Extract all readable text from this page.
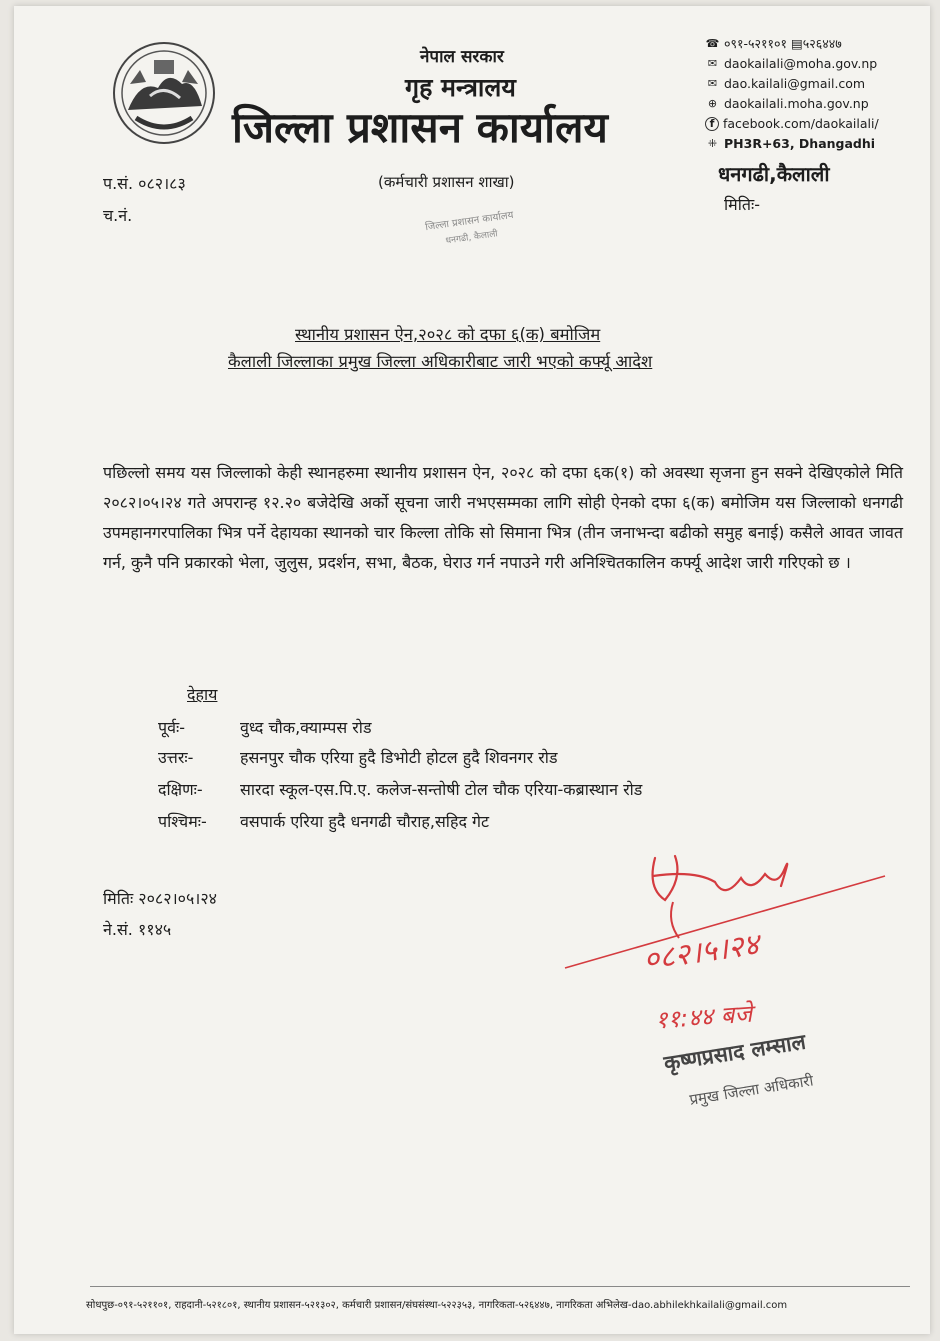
नेपाल सरकार
गृह मन्त्रालय
जिल्ला प्रशासन कार्यालय
☎ ०९१-५२११०१ ▤५२६४४७
✉ daokailali@moha.gov.np
✉ dao.kailali@gmail.com
⊕ daokailali.moha.gov.np
f facebook.com/daokailali/
⁜ PH3R+63, Dhangadhi
धनगढी,कैलाली
मितिः-
प.सं. ०८२।८३
च.नं.
(कर्मचारी प्रशासन शाखा)
जिल्ला प्रशासन कार्यालय
धनगढी, कैलाली
स्थानीय प्रशासन ऐन,२०२८ को दफा ६(क) बमोजिम
कैलाली जिल्लाका प्रमुख जिल्ला अधिकारीबाट जारी भएको कर्फ्यू आदेश
पछिल्लो समय यस जिल्लाको केही स्थानहरुमा स्थानीय प्रशासन ऐन, २०२८ को दफा ६क(१) को अवस्था सृजना हुन सक्ने देखिएकोले मिति २०८२।०५।२४ गते अपरान्ह १२.२० बजेदेखि अर्को सूचना जारी नभएसम्मका लागि सोही ऐनको दफा ६(क) बमोजिम यस जिल्लाको धनगढी उपमहानगरपालिका भित्र पर्ने देहायका स्थानको चार किल्ला तोकि सो सिमाना भित्र (तीन जनाभन्दा बढीको समुह बनाई) कसैले आवत जावत गर्न, कुनै पनि प्रकारको भेला, जुलुस, प्रदर्शन, सभा, बैठक, घेराउ गर्न नपाउने गरी अनिश्चितकालिन कर्फ्यू आदेश जारी गरिएको छ ।
देहाय
पूर्वः-	वुध्द चौक,क्याम्पस रोड
उत्तरः-	हसनपुर चौक एरिया हुदै डिभोटी होटल हुदै शिवनगर रोड
दक्षिणः- सारदा स्कूल-एस.पि.ए. कलेज-सन्तोषी टोल चौक एरिया-कब्रास्थान रोड
पश्चिमः- वसपार्क एरिया हुदै धनगढी चौराह,सहिद गेट
मितिः २०८२।०५।२४
ने.सं. ११४५	०८२।५।२४
११:४४ बजे
कृष्णप्रसाद लम्साल
प्रमुख जिल्ला अधिकारी
सोधपुछ-०९१-५२११०१, राहदानी-५२१८०१, स्थानीय प्रशासन-५२१३०२, कर्मचारी प्रशासन/संघसंस्था-५२२३५३, नागरिकता-५२६४४७, नागरिकता अभिलेख-dao.abhilekhkailali@gmail.com
